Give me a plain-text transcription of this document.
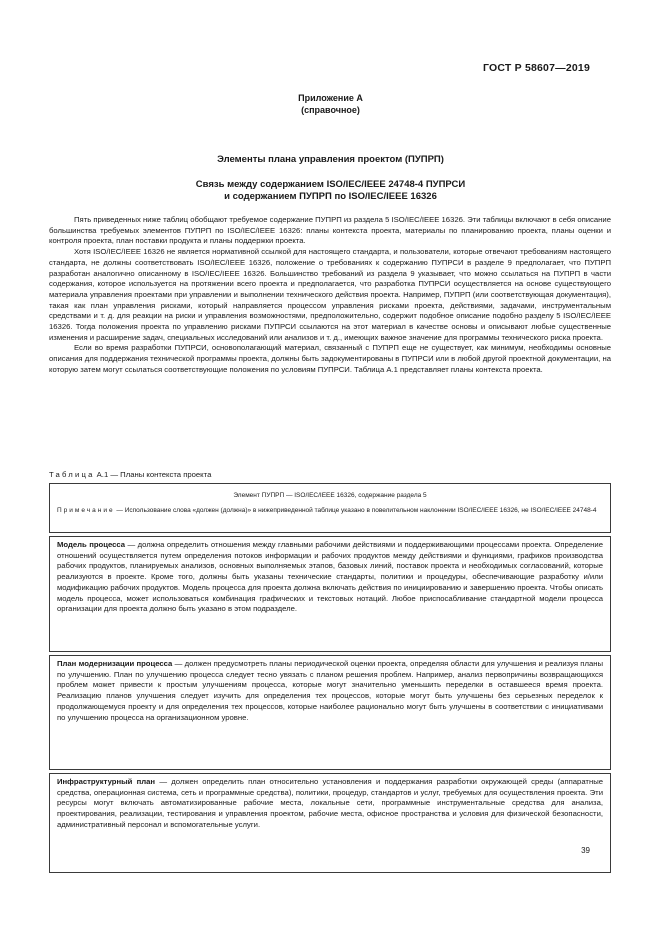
ГОСТ Р 58607—2019
Приложение А
(справочное)
Элементы плана управления проектом (ПУПРП)
Связь между содержанием ISO/IEC/IEEE 24748-4 ПУПРСИ
и содержанием ПУПРП по ISO/IEC/IEEE 16326

Пять приведенных ниже таблиц обобщают требуемое содержание ПУПРП из раздела 5 ISO/IEC/IEEE 16326. Эти таблицы включают в себя описание большинства требуемых элементов ПУПРП по ISO/IEC/IEEE 16326: планы контекста проекта, материалы по планированию проекта, планы оценки и контроля проекта, план поставки продукта и планы поддержки проекта.

Хотя ISO/IEC/IEEE 16326 не является нормативной ссылкой для настоящего стандарта, и пользователи, которые отвечают требованиям настоящего стандарта, не должны соответствовать ISO/IEC/IEEE 16326, положение о требованиях к содержанию ПУПРСИ в разделе 9 предполагает, что ПУПРП разработан аналогично описанному в ISO/IEC/IEEE 16326. Большинство требований из раздела 9 указывает, что можно ссылаться на ПУПРП в части содержания, которое используется на протяжении всего проекта и предполагается, что разработка ПУПРСИ осуществляется на основе существующего материала управления проектами при управлении и выполнении технического действия проекта. Например, ПУПРП (или соответствующая документация), такая как план управления рисками, который направляется процессом управления рисками проекта, действиями, задачами, инструментальным средствами и т. д. для реакции на риски и управления возможностями, предположительно, содержит подобное описание подобно разделу 5 ISO/IEC/IEEE 16326. Тогда положения проекта по управлению рисками ПУПРСИ ссылаются на этот материал в качестве основы и описывают любые существенные изменения и расширение задач, специальных исследований или анализов и т. д., имеющих важное значение для программы технического риска проекта.

Если во время разработки ПУПРСИ, основополагающий материал, связанный с ПУПРП еще не существует, как минимум, необходимы основные описания для поддержания технической программы проекта, должны быть задокументированы в ПУПРСИ или в любой другой проектной документации, на которую затем могут ссылаться соответствующие положения по условиям ПУПРСИ. Таблица А.1 представляет планы контекста проекта.

Таблица А.1 — Планы контекста проекта
Элемент ПУПРП — ISO/IEC/IEEE 16326, содержание раздела 5
Примечание — Использование слова «должен (должна)» в нижеприведенной таблице указано в повелительном наклонении ISO/IEC/IEEE 16326, не ISO/IEC/IEEE 24748-4
Модель процесса — должна определить отношения между главными рабочими действиями и поддерживающими процессами проекта. Определение отношений осуществляется путем определения потоков информации и рабочих продуктов между действиями и функциями, графиков производства рабочих продуктов, планируемых анализов, основных выполняемых этапов, базовых линий, поставок проекта и необходимых согласований, которые реализуются в проекте. Кроме того, должны быть указаны технические стандарты, политики и процедуры, обеспечивающие разработку и/или модификацию рабочих продуктов. Модель процесса для проекта должна включать действия по инициированию и завершению проекта. Чтобы описать модель процесса, может использоваться комбинация графических и текстовых нотаций. Любое приспосабливание стандартной модели процесса организации для проекта должно быть указано в этом подразделе.
План модернизации процесса — должен предусмотреть планы периодической оценки проекта, определяя области для улучшения и реализуя планы по улучшению. План по улучшению процесса следует тесно увязать с планом решения проблем. Например, анализ первопричины возвращающихся проблем может привести к простым улучшениям процесса, которые могут значительно уменьшить переделки в оставшееся время проекта. Реализацию планов улучшения следует изучить для определения тех процессов, которые могут быть улучшены без серьезных переделок к продолжающемуся проекту и для определения тех процессов, которые наиболее рационально могут быть улучшены в соответствии с инициативами по улучшению процесса на организационном уровне.
Инфраструктурный план — должен определить план относительно установления и поддержания разработки окружающей среды (аппаратные средства, операционная система, сеть и программные средства), политики, процедур, стандартов и услуг, требуемых для осуществления проекта. Эти ресурсы могут включать автоматизированные рабочие места, локальные сети, программные инструментальные средства для анализа, проектирования, реализации, тестирования и управления проектом, рабочие места, офисное пространства и условия для физической безопасности, административный персонал и вспомогательные услуги.
39
